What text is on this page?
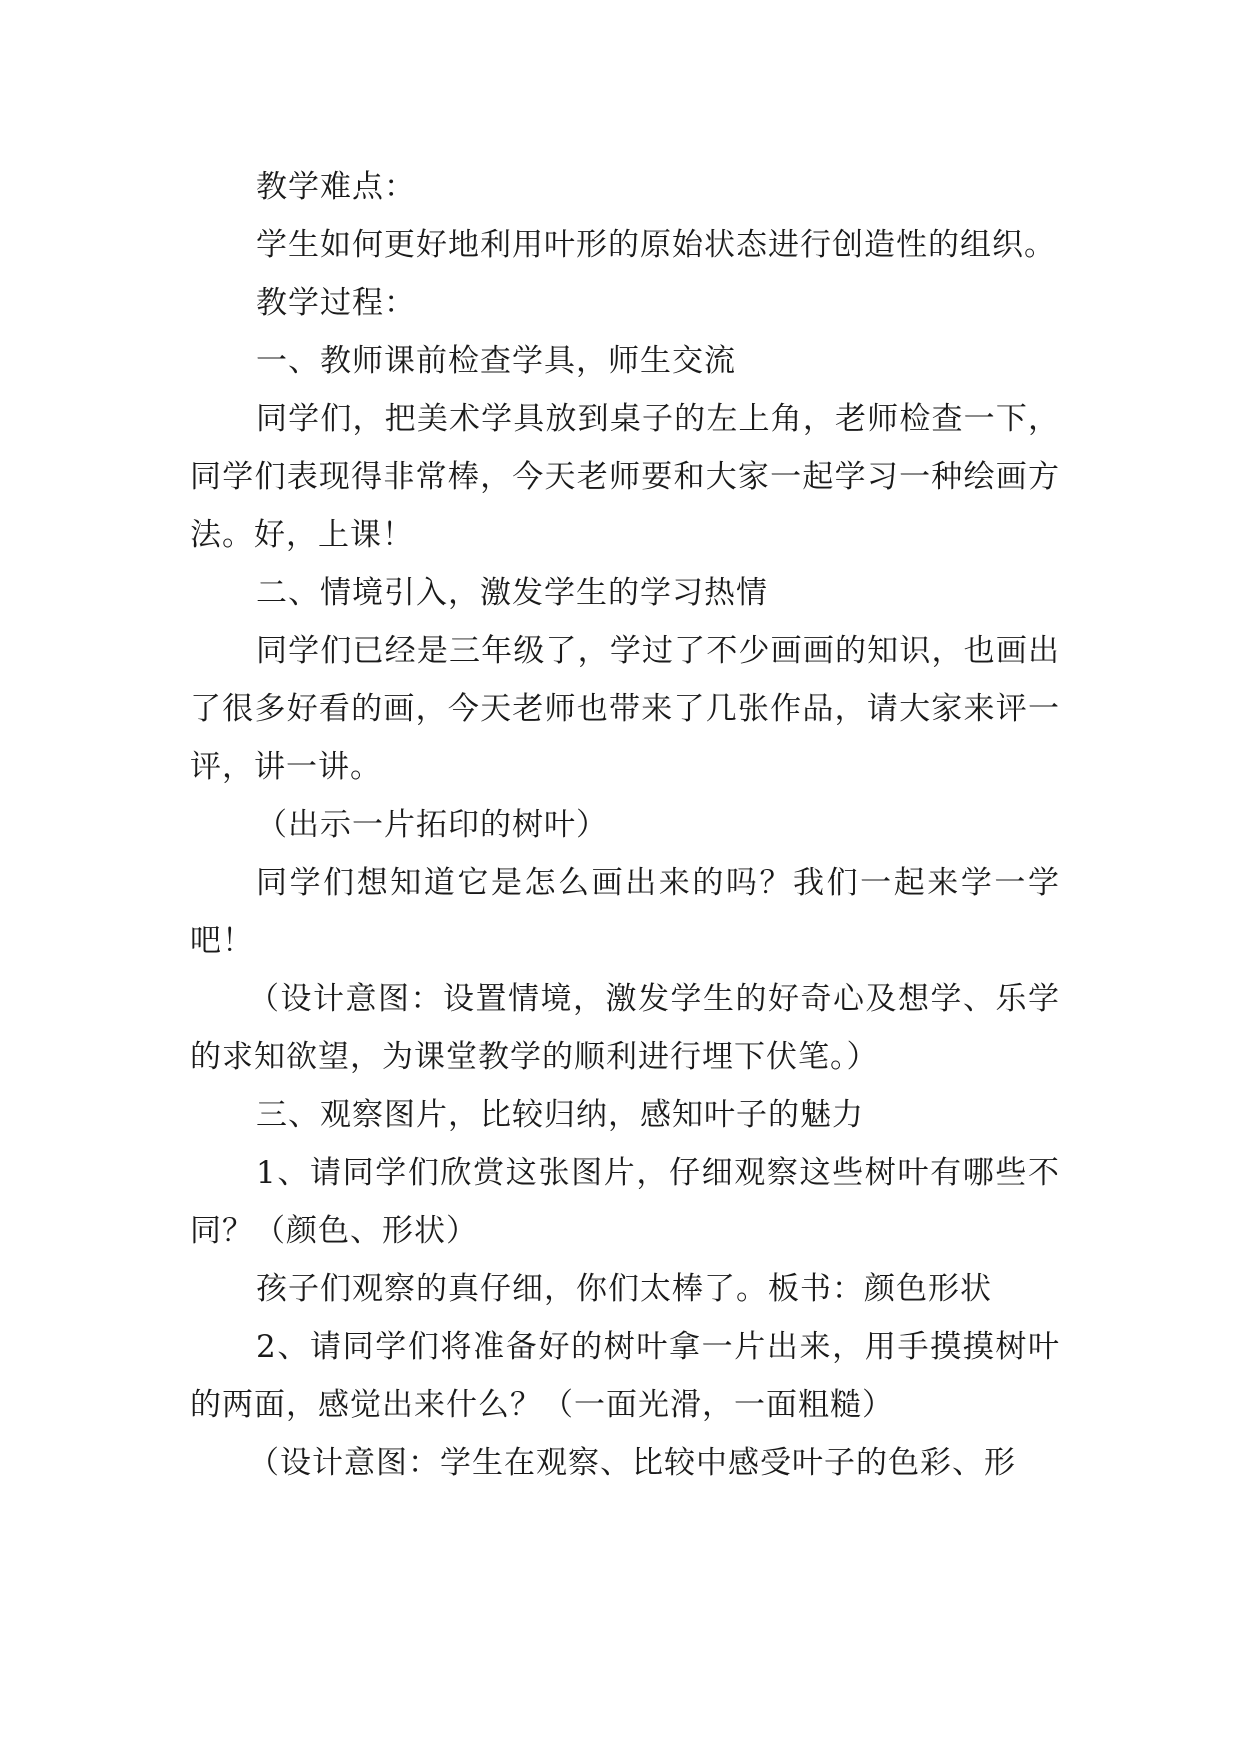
教学难点：

学生如何更好地利用叶形的原始状态进行创造性的组织。

教学过程：

一、教师课前检查学具，师生交流

同学们，把美术学具放到桌子的左上角，老师检查一下，同学们表现得非常棒，今天老师要和大家一起学习一种绘画方法。好，上课！

二、情境引入，激发学生的学习热情

同学们已经是三年级了，学过了不少画画的知识，也画出了很多好看的画，今天老师也带来了几张作品，请大家来评一评，讲一讲。

（出示一片拓印的树叶）

同学们想知道它是怎么画出来的吗？我们一起来学一学吧！

（设计意图：设置情境，激发学生的好奇心及想学、乐学的求知欲望，为课堂教学的顺利进行埋下伏笔。）

三、观察图片，比较归纳，感知叶子的魅力

1、请同学们欣赏这张图片，仔细观察这些树叶有哪些不同？（颜色、形状）

孩子们观察的真仔细，你们太棒了。板书：颜色形状

2、请同学们将准备好的树叶拿一片出来，用手摸摸树叶的两面，感觉出来什么？（一面光滑，一面粗糙）

（设计意图：学生在观察、比较中感受叶子的色彩、形
